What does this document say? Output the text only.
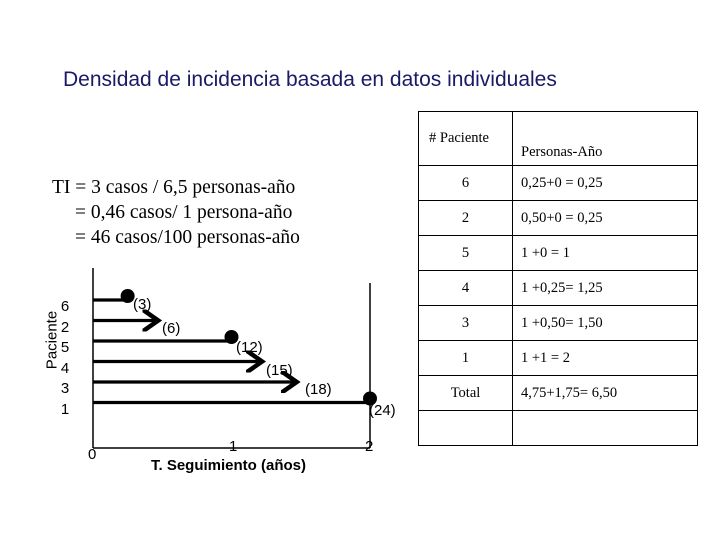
Densidad de incidencia basada en datos individuales
TI = 3 casos / 6,5 personas-año
= 0,46 casos/ 1 persona-año
= 46 casos/100 personas-año
Paciente
6
2
5
4
3
1
0	1	2
(3)
(6)
(12)
(15)
(18)
(24)
T. Seguimiento (años)
# Paciente	Personas-Año
6	0,25+0 = 0,25
2	0,50+0 = 0,25
5	1 +0 = 1
4	1 +0,25= 1,25
3	1 +0,50= 1,50
1	1 +1 = 2
Total	4,75+1,75= 6,50
